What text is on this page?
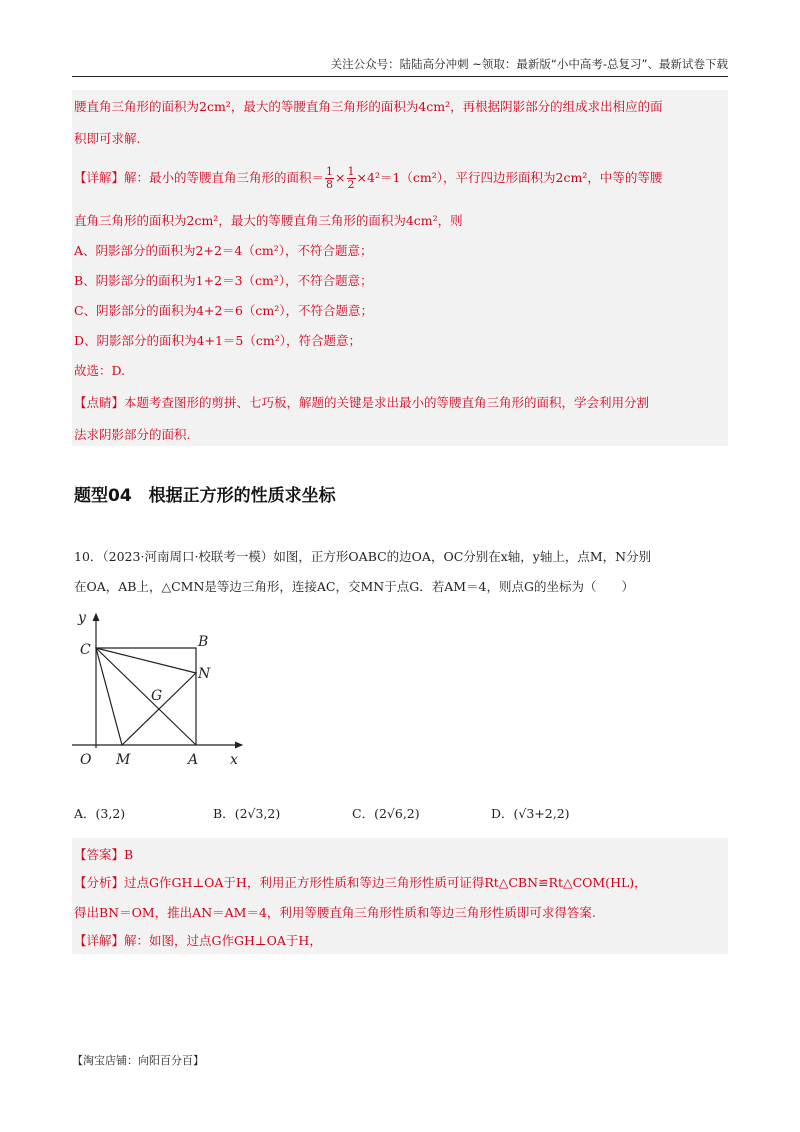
关注公众号：陆陆高分冲刺 ~领取：最新版“小中高考-总复习”、最新试卷下载
腰直角三角形的面积为2cm²，最大的等腰直角三角形的面积为4cm²，再根据阴影部分的组成求出相应的面
积即可求解.
【详解】解：最小的等腰直角三角形的面积＝ $\frac{1}{8} \times \frac{1}{2} \times 4^2=1(cm^2)$，平行四边形面积为2cm²，中等的等腰
直角三角形的面积为2cm²，最大的等腰直角三角形的面积为4cm²，则
A、阴影部分的面积为2+2＝4（cm²），不符合题意；
B、阴影部分的面积为1+2＝3（cm²），不符合题意；
C、阴影部分的面积为4+2＝6（cm²），不符合题意；
D、阴影部分的面积为4+1＝5（cm²），符合题意；
故选：D.
【点睛】本题考查图形的剪拼、七巧板，解题的关键是求出最小的等腰直角三角形的面积，学会利用分割
法求阴影部分的面积.
题型04　根据正方形的性质求坐标
10．（2023·河南周口·校联考一模）如图，正方形OABC的边OA，OC分别在x轴，y轴上，点M，N分别
在OA，AB上，△CMN是等边三角形，连接AC，交MN于点G．若AM＝4，则点G的坐标为（　　）
y
x
O
C	B
N
G
M	A
A．(3,2)	B．(2√3,2)	C．(2√6,2)	D．(√3+2,2)
【答案】B
【分析】过点G作GH⊥OA于H，利用正方形性质和等边三角形性质可证得Rt△CBN≌Rt△COM(HL)，
得出BN＝OM，推出AN＝AM＝4，利用等腰直角三角形性质和等边三角形性质即可求得答案.
【详解】解：如图，过点G作GH⊥OA于H，
【淘宝店铺：向阳百分百】
